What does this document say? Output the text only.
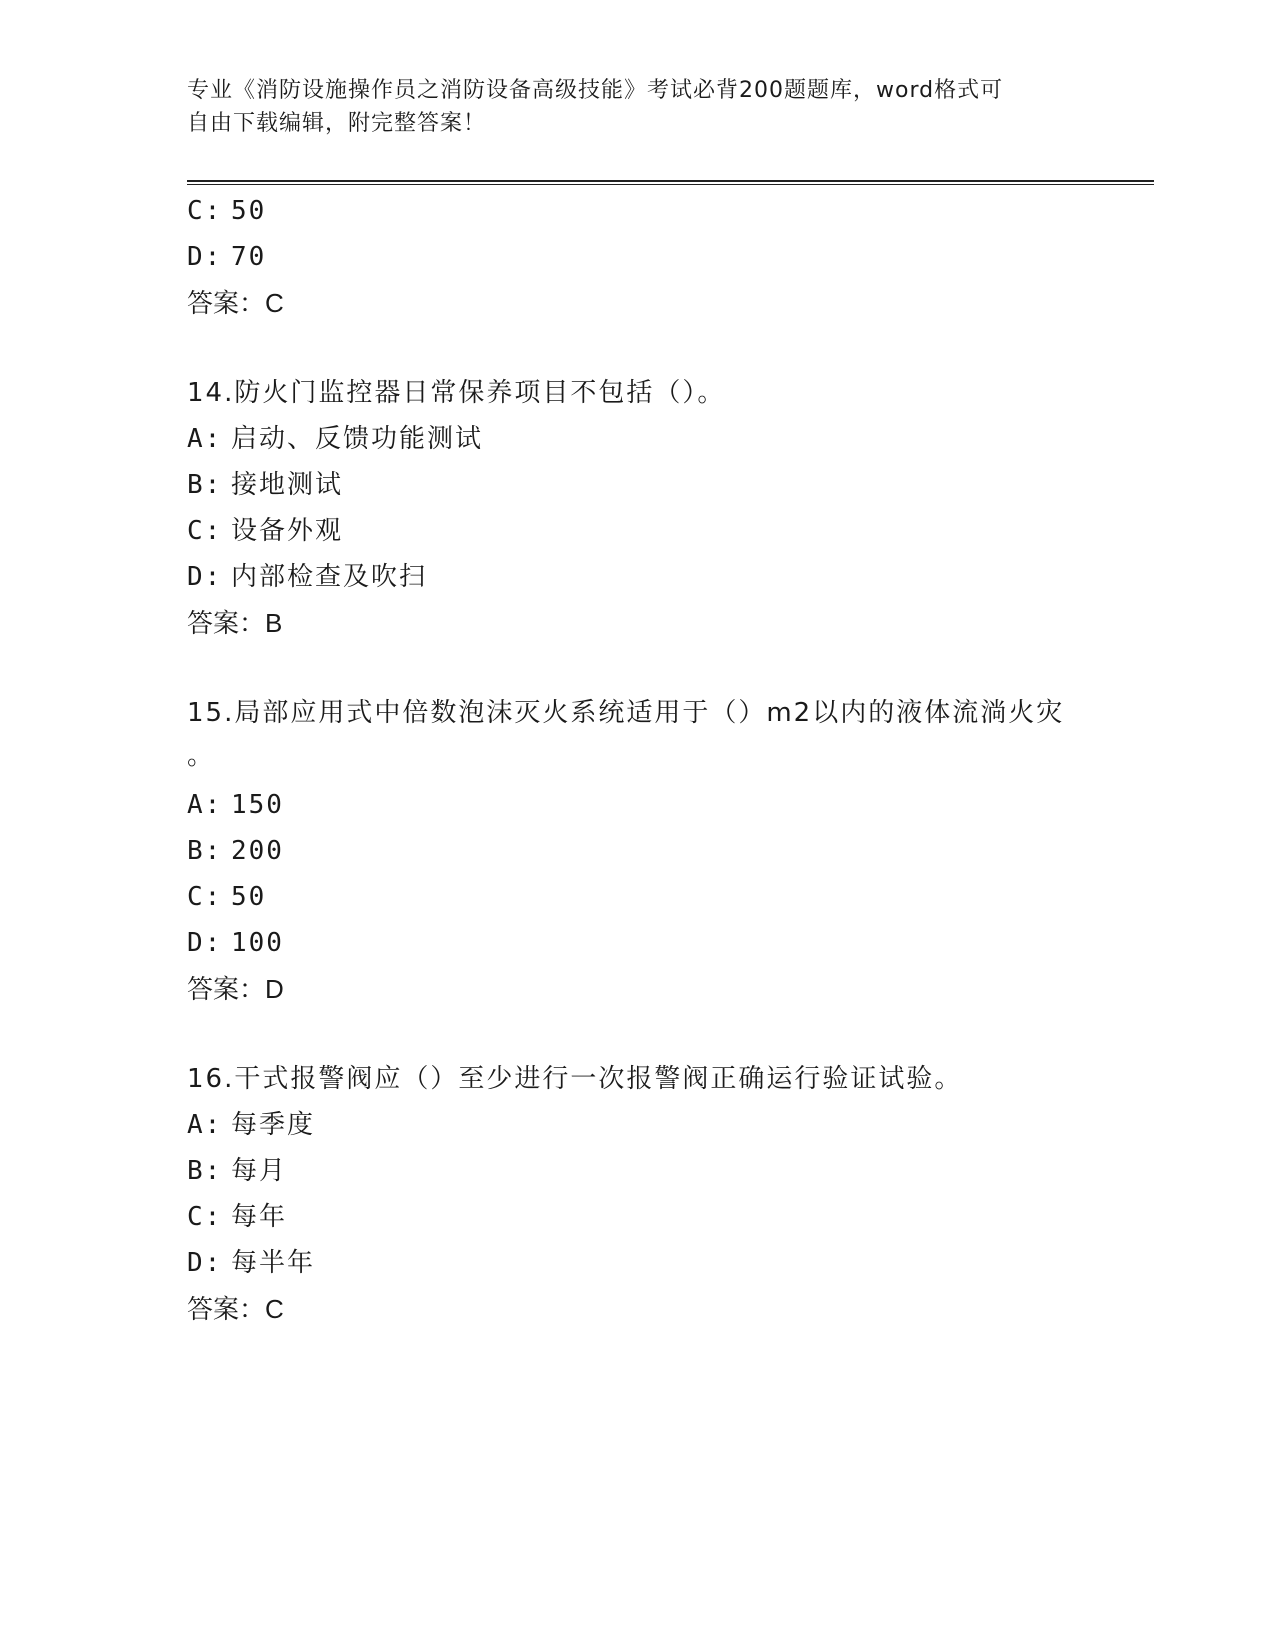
专业《消防设施操作员之消防设备高级技能》考试必背200题题库，word格式可
自由下载编辑，附完整答案！
C: 50
D: 70
答案：C
14.防火门监控器日常保养项目不包括（）。
A: 启动、反馈功能测试
B: 接地测试
C: 设备外观
D: 内部检查及吹扫
答案：B
15.局部应用式中倍数泡沫灭火系统适用于（）m2以内的液体流淌火灾
。
A: 150
B: 200
C: 50
D: 100
答案：D
16.干式报警阀应（）至少进行一次报警阀正确运行验证试验。
A: 每季度
B: 每月
C: 每年
D: 每半年
答案：C
